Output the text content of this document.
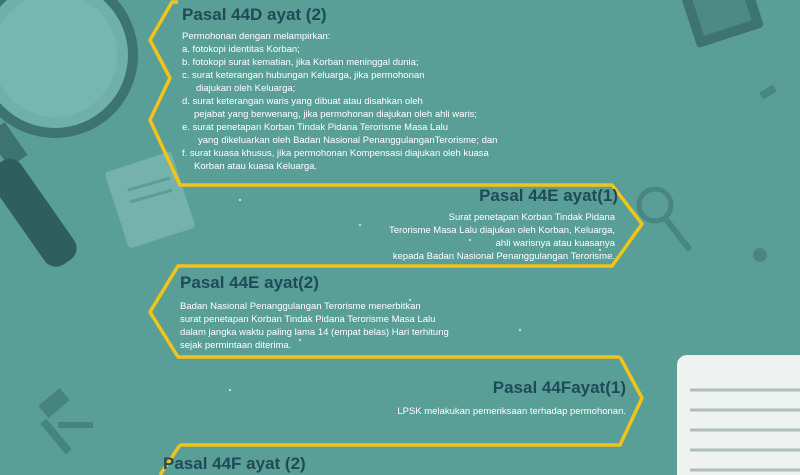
Pasal 44D ayat (2)
Permohonan dengan melampirkan:
a. fotokopi identitas Korban;
b. fotokopi surat kematian, jika Korban meninggal dunia;
c. surat keterangan hubungan Keluarga, jika permohonan
diajukan oleh Keluarga;
d. surat keterangan waris yang dibuat atau disahkan oleh
pejabat yang berwenang, jika permohonan diajukan oleh ahli waris;
e. surat penetapan Korban Tindak Pidana Terorisme Masa Lalu
yang dikeluarkan oleh Badan Nasional PenanggulanganTerorisme; dan
f. surat kuasa khusus, jika permohonan Kompensasi diajukan oleh kuasa
Korban atau kuasa Keluarga.
Pasal 44E ayat(1)
Surat penetapan Korban Tindak Pidana
Terorisme Masa Lalu diajukan oleh Korban, Keluarga,
ahli warisnya atau kuasanya
kepada Badan Nasional Penanggulangan Terorisme.
Pasal 44E ayat(2)
Badan Nasional Penanggulangan Terorisme menerbitkan
surat penetapan Korban Tindak Pidana Terorisme Masa Lalu
dalam jangka waktu paling lama 14 (empat belas) Hari terhitung
sejak permintaan diterima.
Pasal 44Fayat(1)
LPSK melakukan pemeriksaan terhadap permohonan.
Pasal 44F ayat (2)
